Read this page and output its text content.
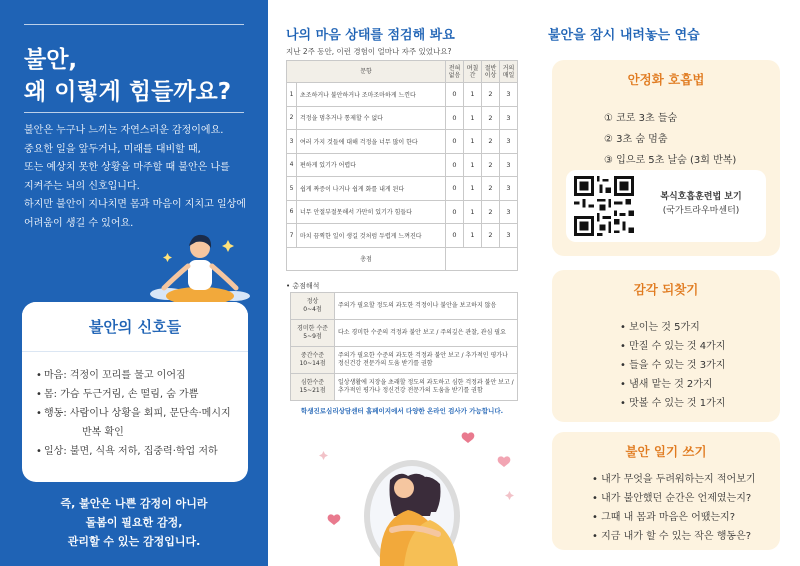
불안,
왜 이렇게 힘들까요?

불안은 누구나 느끼는 자연스러운 감정이에요.

중요한 일을 앞두거나, 미래를 대비할 때,

또는 예상치 못한 상황을 마주할 때 불안은 나를

지켜주는 뇌의 신호입니다.

하지만 불안이 지나치면 몸과 마음이 지치고 일상에

어려움이 생길 수 있어요.

불안의 신호들
• 마음: 걱정이 꼬리를 물고 이어짐
• 몸: 가슴 두근거림, 손 떨림, 숨 가쁨
• 행동: 사람이나 상황을 회피, 문단속·메시지
반복 확인
• 일상: 불면, 식욕 저하, 집중력·학업 저하
즉, 불안은 나쁜 감정이 아니라
돌봄이 필요한 감정,
관리할 수 있는 감정입니다.
나의 마음 상태를 점검해 봐요
지난 2주 동안, 이런 경험이 얼마나 자주 있었나요?
문항		전혀 없음	며칠간	절반 이상	거의 매일
1	초조하거나 불안하거나 조마조마하게 느낀다	0	1	2	3
2	걱정을 멈추거나 통제할 수 없다	0	1	2	3
3	여러 가지 것들에 대해 걱정을 너무 많이 한다	0	1	2	3
4	편하게 있기가 어렵다	0	1	2	3
5	쉽게 짜증이 나거나 쉽게 화를 내게 된다	0	1	2	3
6	너무 안절부절못해서 가만히 있기가 힘들다	0	1	2	3
7	마치 끔찍한 일이 생길 것처럼 두렵게 느껴진다	0	1	2	3
총점					
• 총점해석
정상
0~4점	주의가 필요할 정도의 과도한 걱정이나 불안을 보고하지 않음
경미한 수준
5~9점	다소 경미한 수준의 걱정과 불안 보고 / 주의깊은 관찰, 관심 필요
중간수준
10~14점	주의가 필요한 수준의 과도한 걱정과 불안 보고 / 추가적인 평가나 정신건강 전문가의 도움 받기를 권함
심한수준
15~21점	일상생활에 지장을 초래할 정도의 과도하고 심한 걱정과 불안 보고 / 추가적인 평가나 정신건강 전문가의 도움을 받기를 권함
학생진로심리상담센터 홈페이지에서 다양한 온라인 검사가 가능합니다.
불안을 잠시 내려놓는 연습
안정화 호흡법
① 코로 3초 들숨
② 3초 숨 멈춤
③ 입으로 5초 날숨 (3회 반복)
복식호흡훈련법 보기
(국가트라우마센터)
감각 되찾기
• 보이는 것 5가지
• 만질 수 있는 것 4가지
• 들을 수 있는 것 3가지
• 냄새 맡는 것 2가지
• 맛볼 수 있는 것 1가지
불안 일기 쓰기
• 내가 무엇을 두려워하는지 적어보기
• 내가 불안했던 순간은 언제였는지?
• 그때 내 몸과 마음은 어땠는지?
• 지금 내가 할 수 있는 작은 행동은?
